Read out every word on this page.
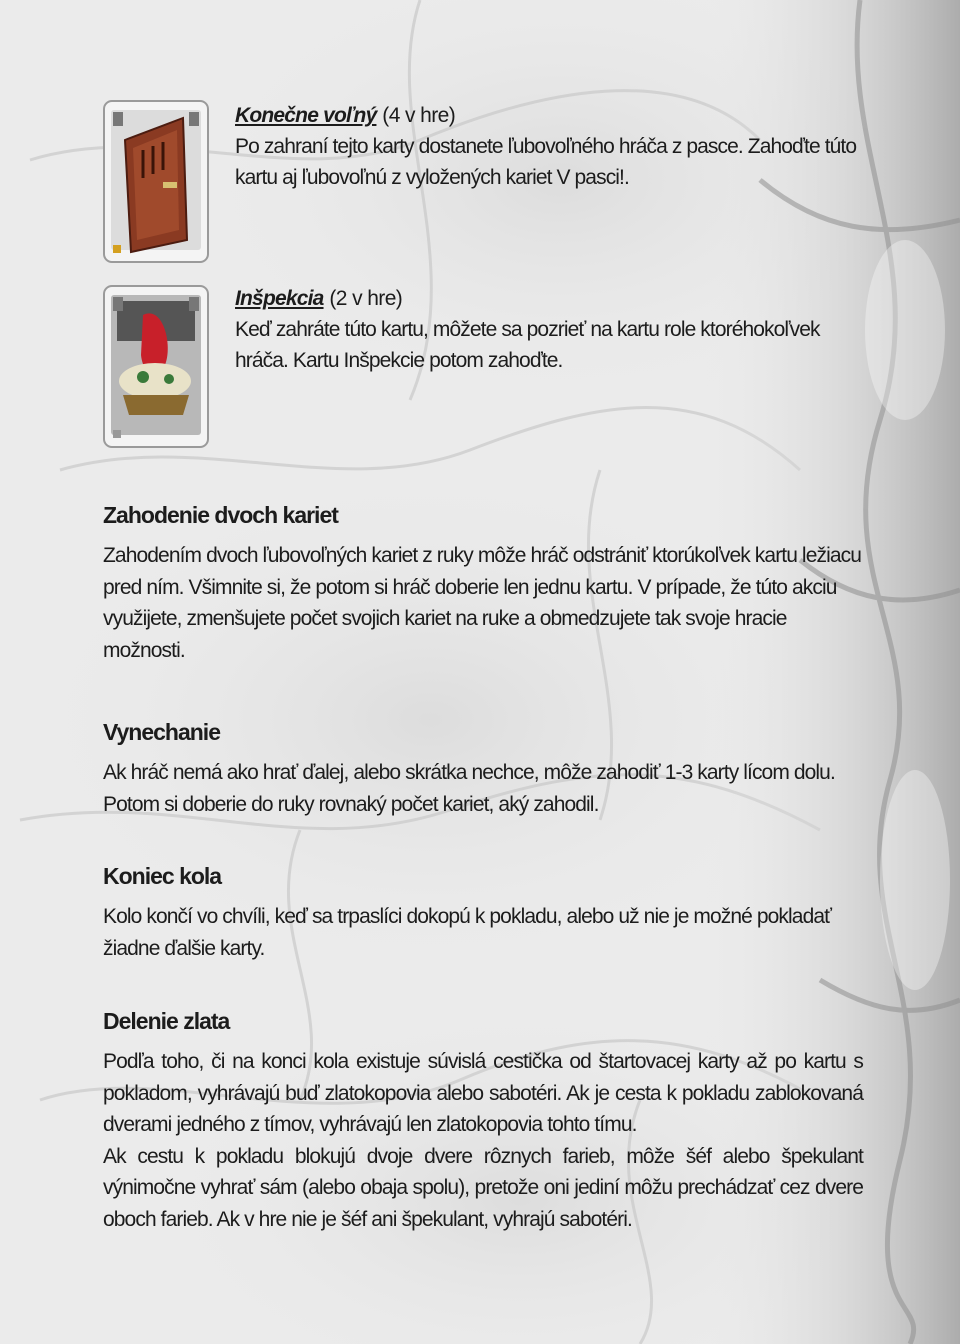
Konečne voľný (4 v hre)

Po zahraní tejto karty dostanete ľubovoľného hráča z pasce. Zahoďte túto kartu aj ľubovoľnú z vyložených kariet V pasci!.

Inšpekcia (2 v hre)

Keď zahráte túto kartu, môžete sa pozrieť na kartu role ktoréhokoľvek hráča. Kartu Inšpekcie potom zahoďte.

Zahodenie dvoch kariet

Zahodením dvoch ľubovoľných kariet z ruky môže hráč odstrániť ktorúkoľvek kartu ležiacu pred ním. Všimnite si, že potom si hráč doberie len jednu kartu. V prípade, že túto akciu využijete, zmenšujete počet svojich kariet na ruke a obmedzujete tak svoje hracie možnosti.

Vynechanie

Ak hráč nemá ako hrať ďalej, alebo skrátka nechce, môže zahodiť 1-3 karty lícom dolu. Potom si doberie do ruky rovnaký počet kariet, aký zahodil.

Koniec kola

Kolo končí vo chvíli, keď sa trpaslíci dokopú k pokladu, alebo už nie je možné pokladať žiadne ďalšie karty.

Delenie zlata

Podľa toho, či na konci kola existuje súvislá cestička od štartovacej karty až po kartu s pokladom, vyhrávajú buď zlatokopovia alebo sabotéri. Ak je cesta k pokladu zablokovaná dverami jedného z tímov, vyhrávajú len zlatokopovia tohto tímu.

Ak cestu k pokladu blokujú dvoje dvere rôznych farieb, môže šéf alebo špekulant výnimočne vyhrať sám (alebo obaja spolu), pretože oni jediní môžu prechádzať cez dvere oboch farieb. Ak v hre nie je šéf ani špekulant, vyhrajú sabotéri.
